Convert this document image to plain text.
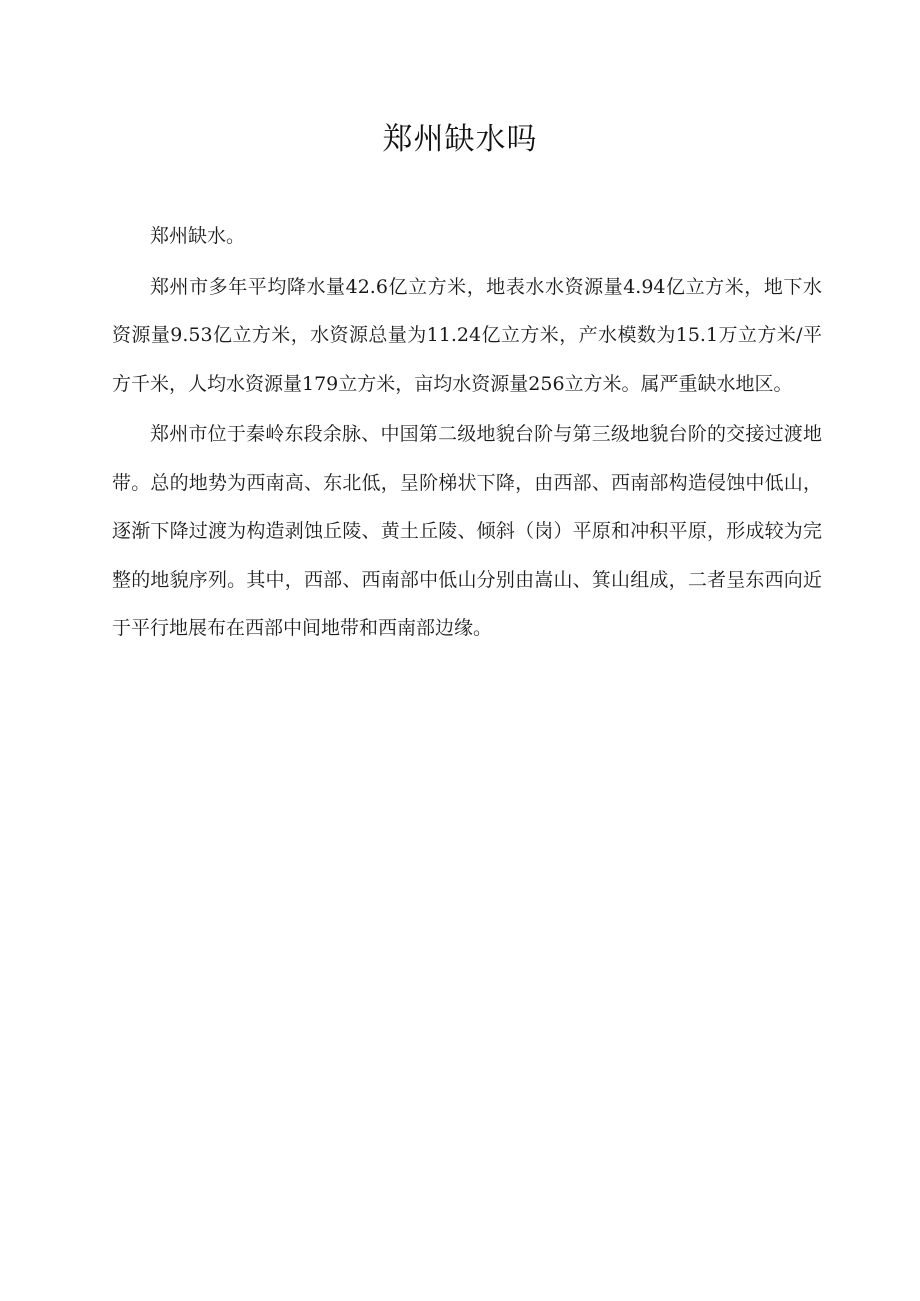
郑州缺水吗

郑州缺水。

郑州市多年平均降水量42.6亿立方米，地表水水资源量4.94亿立方米，地下水资源量9.53亿立方米，水资源总量为11.24亿立方米，产水模数为15.1万立方米/平方千米，人均水资源量179立方米，亩均水资源量256立方米。属严重缺水地区。

郑州市位于秦岭东段余脉、中国第二级地貌台阶与第三级地貌台阶的交接过渡地带。总的地势为西南高、东北低，呈阶梯状下降，由西部、西南部构造侵蚀中低山，逐渐下降过渡为构造剥蚀丘陵、黄土丘陵、倾斜（岗）平原和冲积平原，形成较为完整的地貌序列。其中，西部、西南部中低山分别由嵩山、箕山组成，二者呈东西向近于平行地展布在西部中间地带和西南部边缘。
